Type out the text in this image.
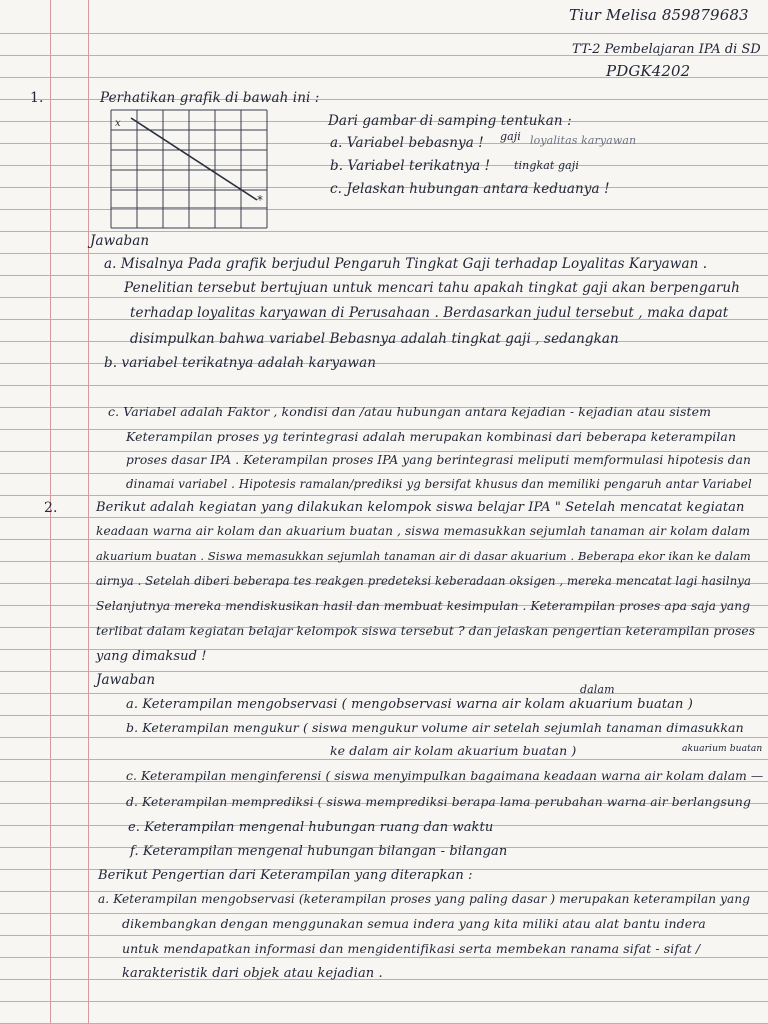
Tiur Melisa 859879683
TT-2 Pembelajaran IPA di SD
PDGK4202
1.	Perhatikan grafik di bawah ini :
*
x	Dari gambar di samping tentukan :
a. Variabel bebasnya ! gaji loyalitas karyawan
b. Variabel terikatnya ! tingkat gaji
c. Jelaskan hubungan antara keduanya !
Jawaban
a. Misalnya Pada grafik berjudul Pengaruh Tingkat Gaji terhadap Loyalitas Karyawan .
Penelitian tersebut bertujuan untuk mencari tahu apakah tingkat gaji akan berpengaruh
terhadap loyalitas karyawan di Perusahaan . Berdasarkan judul tersebut , maka dapat
disimpulkan bahwa variabel Bebasnya adalah tingkat gaji , sedangkan
b. variabel terikatnya adalah karyawan
c. Variabel adalah Faktor , kondisi dan /atau hubungan antara kejadian - kejadian atau sistem
Keterampilan proses yg terintegrasi adalah merupakan kombinasi dari beberapa keterampilan
proses dasar IPA . Keterampilan proses IPA yang berintegrasi meliputi memformulasi hipotesis dan
dinamai variabel . Hipotesis ramalan/prediksi yg bersifat khusus dan memiliki pengaruh antar Variabel
2.	Berikut adalah kegiatan yang dilakukan kelompok siswa belajar IPA " Setelah mencatat kegiatan
keadaan warna air kolam dan akuarium buatan , siswa memasukkan sejumlah tanaman air kolam dalam
akuarium buatan . Siswa memasukkan sejumlah tanaman air di dasar akuarium . Beberapa ekor ikan ke dalam
airnya . Setelah diberi beberapa tes reakgen predeteksi keberadaan oksigen , mereka mencatat lagi hasilnya
Selanjutnya mereka mendiskusikan hasil dan membuat kesimpulan . Keterampilan proses apa saja yang
terlibat dalam kegiatan belajar kelompok siswa tersebut ? dan jelaskan pengertian keterampilan proses
yang dimaksud !
Jawaban
dalam
a. Keterampilan mengobservasi ( mengobservasi warna air kolam akuarium buatan )
b. Keterampilan mengukur ( siswa mengukur volume air setelah sejumlah tanaman dimasukkan
ke dalam air kolam akuarium buatan )	akuarium buatan
c. Keterampilan menginferensi ( siswa menyimpulkan bagaimana keadaan warna air kolam dalam —
d. Keterampilan memprediksi ( siswa memprediksi berapa lama perubahan warna air berlangsung
e. Keterampilan mengenal hubungan ruang dan waktu
f. Keterampilan mengenal hubungan bilangan - bilangan
Berikut Pengertian dari Keterampilan yang diterapkan :
a. Keterampilan mengobservasi (keterampilan proses yang paling dasar ) merupakan keterampilan yang
dikembangkan dengan menggunakan semua indera yang kita miliki atau alat bantu indera
untuk mendapatkan informasi dan mengidentifikasi serta membekan ranama sifat - sifat /
karakteristik dari objek atau kejadian .
